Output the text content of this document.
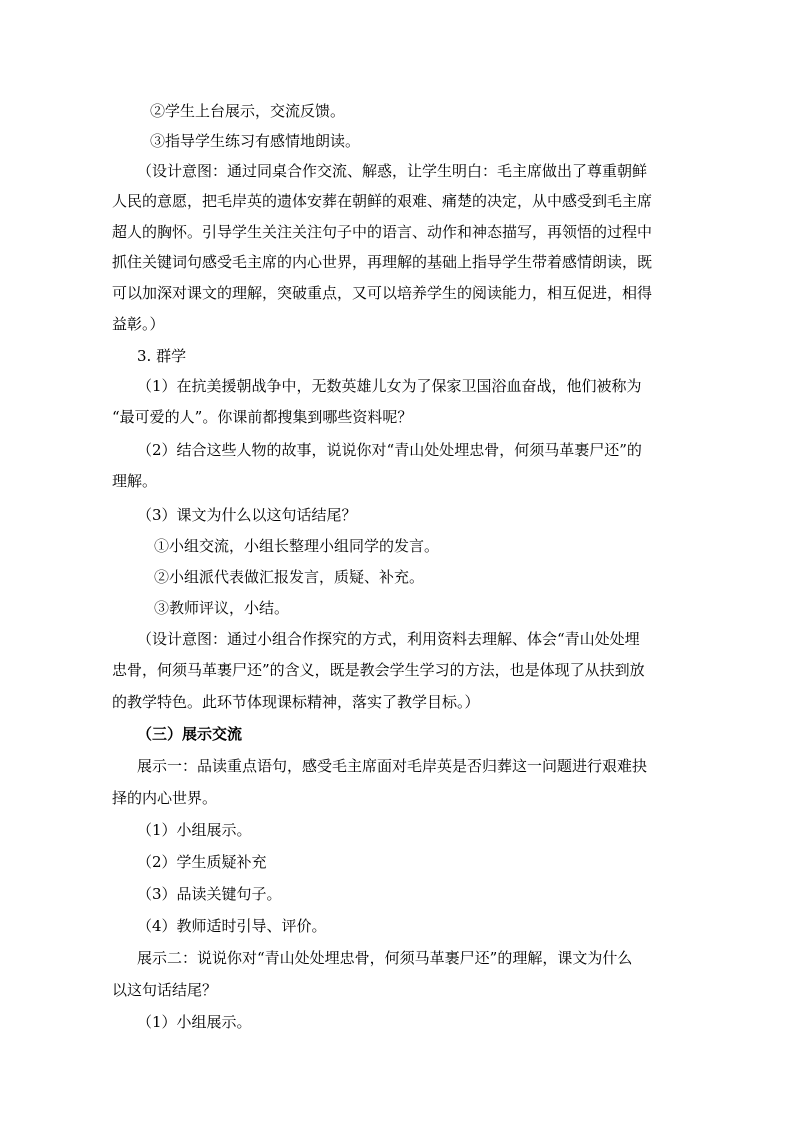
②学生上台展示，交流反馈。
③指导学生练习有感情地朗读。
（设计意图：通过同桌合作交流、解惑，让学生明白：毛主席做出了尊重朝鲜
人民的意愿，把毛岸英的遗体安葬在朝鲜的艰难、痛楚的决定，从中感受到毛主席
超人的胸怀。引导学生关注关注句子中的语言、动作和神态描写，再领悟的过程中
抓住关键词句感受毛主席的内心世界，再理解的基础上指导学生带着感情朗读，既
可以加深对课文的理解，突破重点，又可以培养学生的阅读能力，相互促进，相得
益彰。）
3. 群学
（1）在抗美援朝战争中，无数英雄儿女为了保家卫国浴血奋战，他们被称为
“最可爱的人”。你课前都搜集到哪些资料呢？
（2）结合这些人物的故事，说说你对“青山处处埋忠骨，何须马革裹尸还”的
理解。
（3）课文为什么以这句话结尾？
①小组交流，小组长整理小组同学的发言。
②小组派代表做汇报发言，质疑、补充。
③教师评议，小结。
（设计意图：通过小组合作探究的方式，利用资料去理解、体会“青山处处埋
忠骨，何须马革裹尸还”的含义，既是教会学生学习的方法，也是体现了从扶到放
的教学特色。此环节体现课标精神，落实了教学目标。）
（三）展示交流
展示一：品读重点语句，感受毛主席面对毛岸英是否归葬这一问题进行艰难抉
择的内心世界。
（1）小组展示。
（2）学生质疑补充
（3）品读关键句子。
（4）教师适时引导、评价。
展示二：说说你对“青山处处埋忠骨，何须马革裹尸还”的理解，课文为什么
以这句话结尾？
（1）小组展示。
